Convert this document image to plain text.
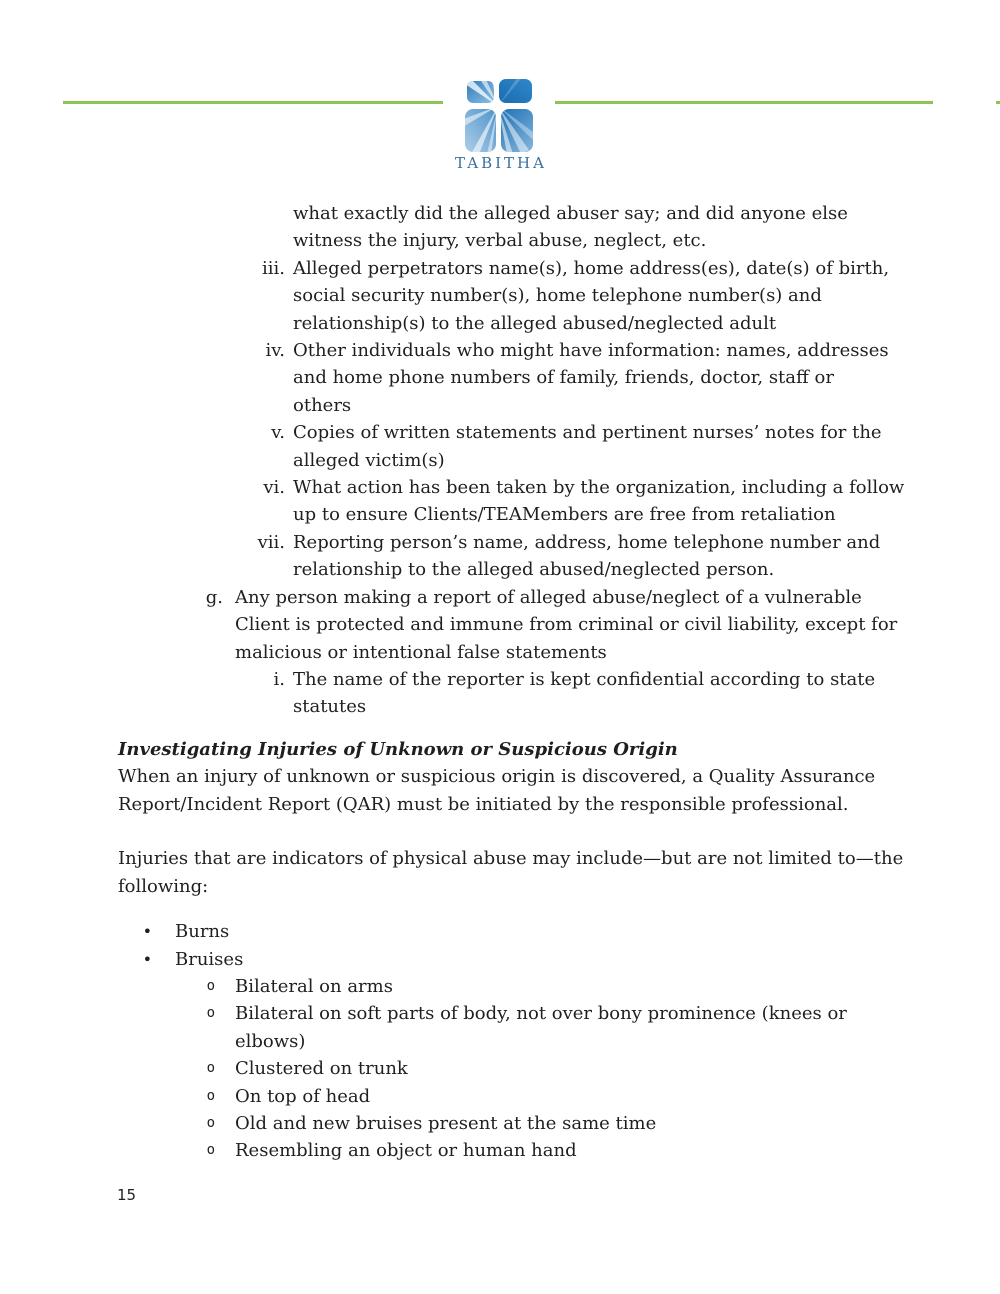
TABITHA
what exactly did the alleged abuser say; and did anyone else
witness the injury, verbal abuse, neglect, etc.
iii. Alleged perpetrators name(s), home address(es), date(s) of birth,
social security number(s), home telephone number(s) and
relationship(s) to the alleged abused/neglected adult
iv. Other individuals who might have information: names, addresses
and home phone numbers of family, friends, doctor, staff or
others
v. Copies of written statements and pertinent nurses’ notes for the
alleged victim(s)
vi. What action has been taken by the organization, including a follow
up to ensure Clients/TEAMembers are free from retaliation
vii. Reporting person’s name, address, home telephone number and
relationship to the alleged abused/neglected person.
g. Any person making a report of alleged abuse/neglect of a vulnerable
Client is protected and immune from criminal or civil liability, except for
malicious or intentional false statements
i. The name of the reporter is kept confidential according to state
statutes
Investigating Injuries of Unknown or Suspicious Origin
When an injury of unknown or suspicious origin is discovered, a Quality Assurance
Report/Incident Report (QAR) must be initiated by the responsible professional.
Injuries that are indicators of physical abuse may include—but are not limited to—the
following:
•	Burns
•	Bruises
o	Bilateral on arms
o	Bilateral on soft parts of body, not over bony prominence (knees or
elbows)
o	Clustered on trunk
o	On top of head
o	Old and new bruises present at the same time
o	Resembling an object or human hand
15
